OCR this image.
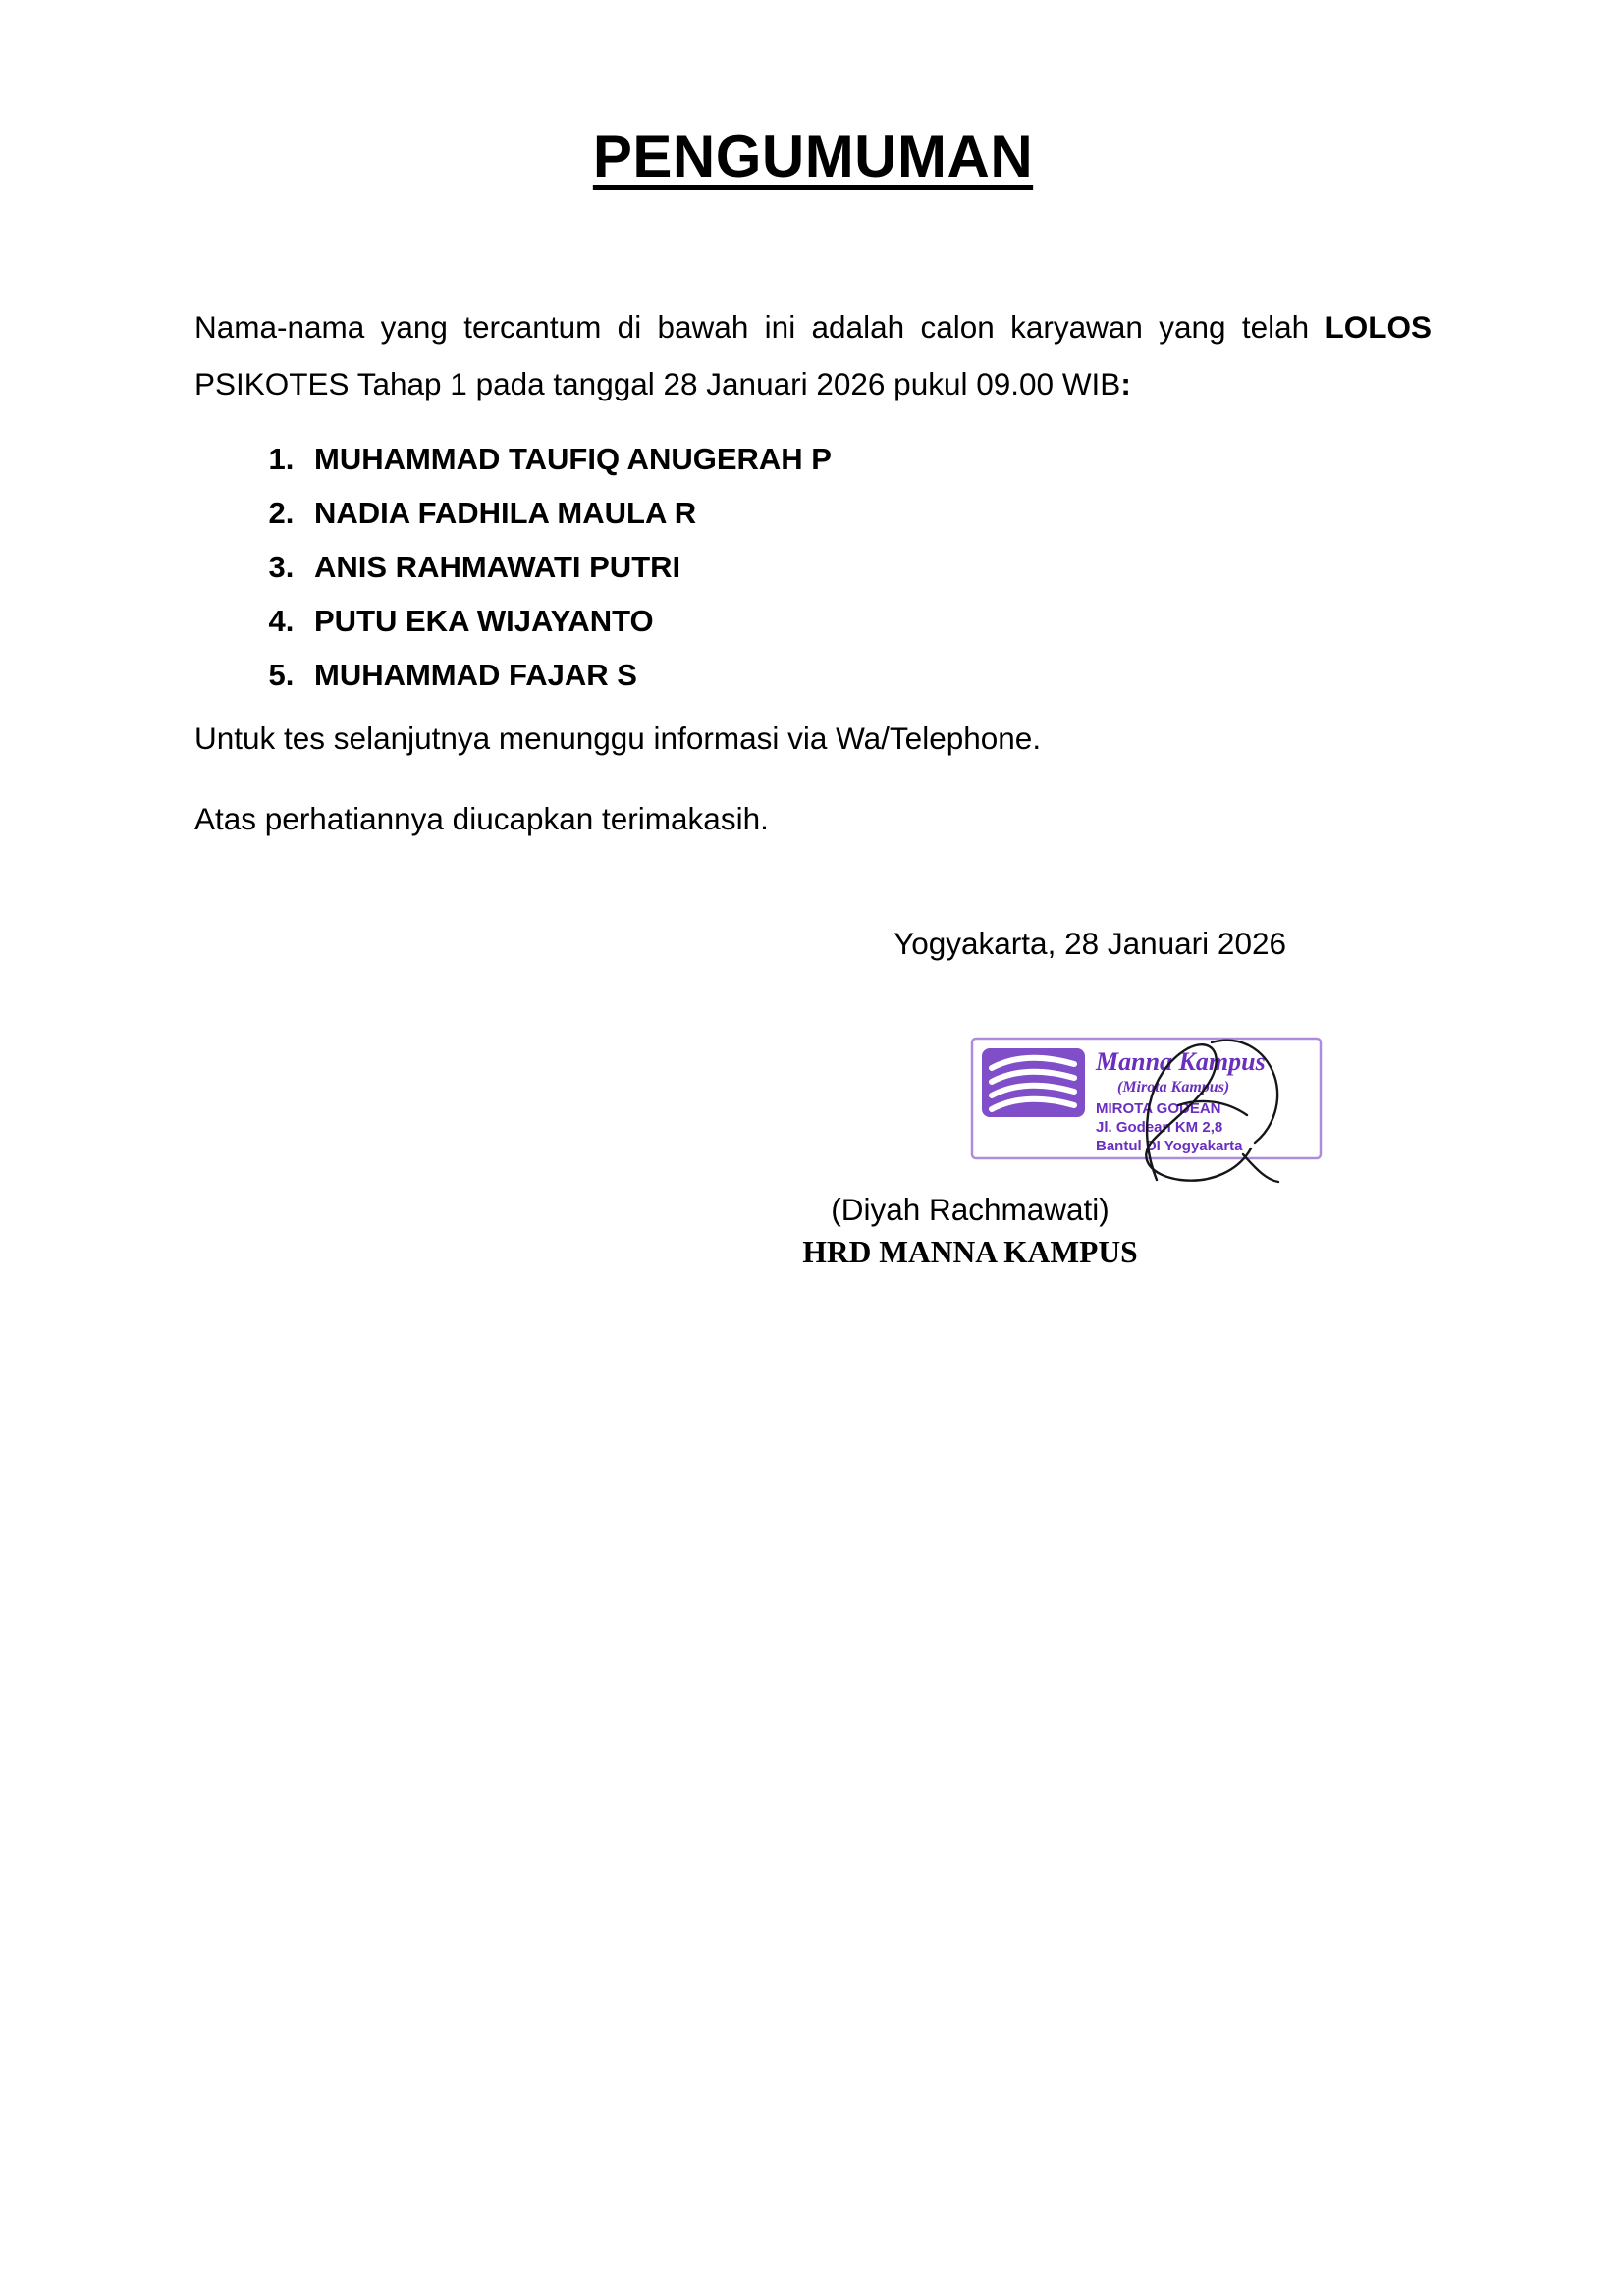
PENGUMUMAN

Nama-nama yang tercantum di bawah ini adalah calon karyawan yang telah LOLOS PSIKOTES Tahap 1 pada tanggal 28 Januari 2026 pukul 09.00 WIB:

1. MUHAMMAD TAUFIQ ANUGERAH P
2. NADIA FADHILA MAULA R
3. ANIS RAHMAWATI PUTRI
4. PUTU EKA WIJAYANTO
5. MUHAMMAD FAJAR S

Untuk tes selanjutnya menunggu informasi via Wa/Telephone.

Atas perhatiannya diucapkan terimakasih.

Yogyakarta, 28 Januari 2026

Manna Kampus
(Mirota Kampus)
MIROTA GODEAN
Jl. Godean KM 2,8
Bantul DI Yogyakarta
(Diyah Rachmawati)
HRD MANNA KAMPUS
